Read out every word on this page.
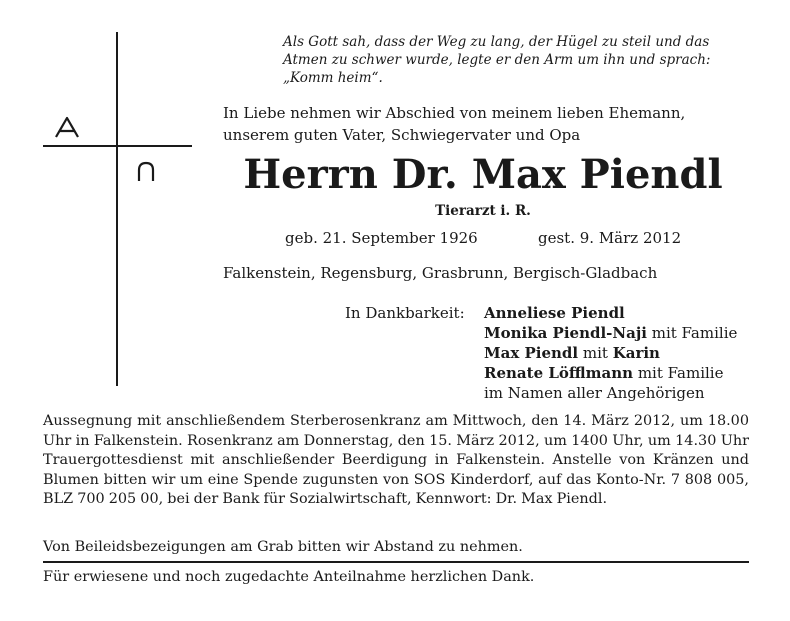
Als Gott sah, dass der Weg zu lang, der Hügel zu steil und das
Atmen zu schwer wurde, legte er den Arm um ihn und sprach:
„Komm heim“.

In Liebe nehmen wir Abschied von meinem lieben Ehemann,
unserem guten Vater, Schwiegervater und Opa

Herrn Dr. Max Piendl
Tierarzt i. R.
geb. 21. September 1926	gest. 9. März 2012
Falkenstein, Regensburg, Grasbrunn, Bergisch-Gladbach
In Dankbarkeit: Anneliese Piendl
Monika Piendl-Naji mit Familie
Max Piendl mit Karin
Renate Löfflmann mit Familie
im Namen aller Angehörigen

Aussegnung mit anschließendem Sterberosenkranz am Mittwoch, den 14. März 2012, um 18.00 Uhr in Falkenstein. Rosenkranz am Donnerstag, den 15. März 2012, um 1400 Uhr, um 14.30 Uhr Trauergottesdienst mit anschließender Beerdigung in Falkenstein. Anstelle von Kränzen und Blumen bitten wir um eine Spende zugunsten von SOS Kinderdorf, auf das Konto-Nr. 7 808 005, BLZ 700 205 00, bei der Bank für Sozialwirtschaft, Kennwort: Dr. Max Piendl.

Von Beileidsbezeigungen am Grab bitten wir Abstand zu nehmen.
Für erwiesene und noch zugedachte Anteilnahme herzlichen Dank.
